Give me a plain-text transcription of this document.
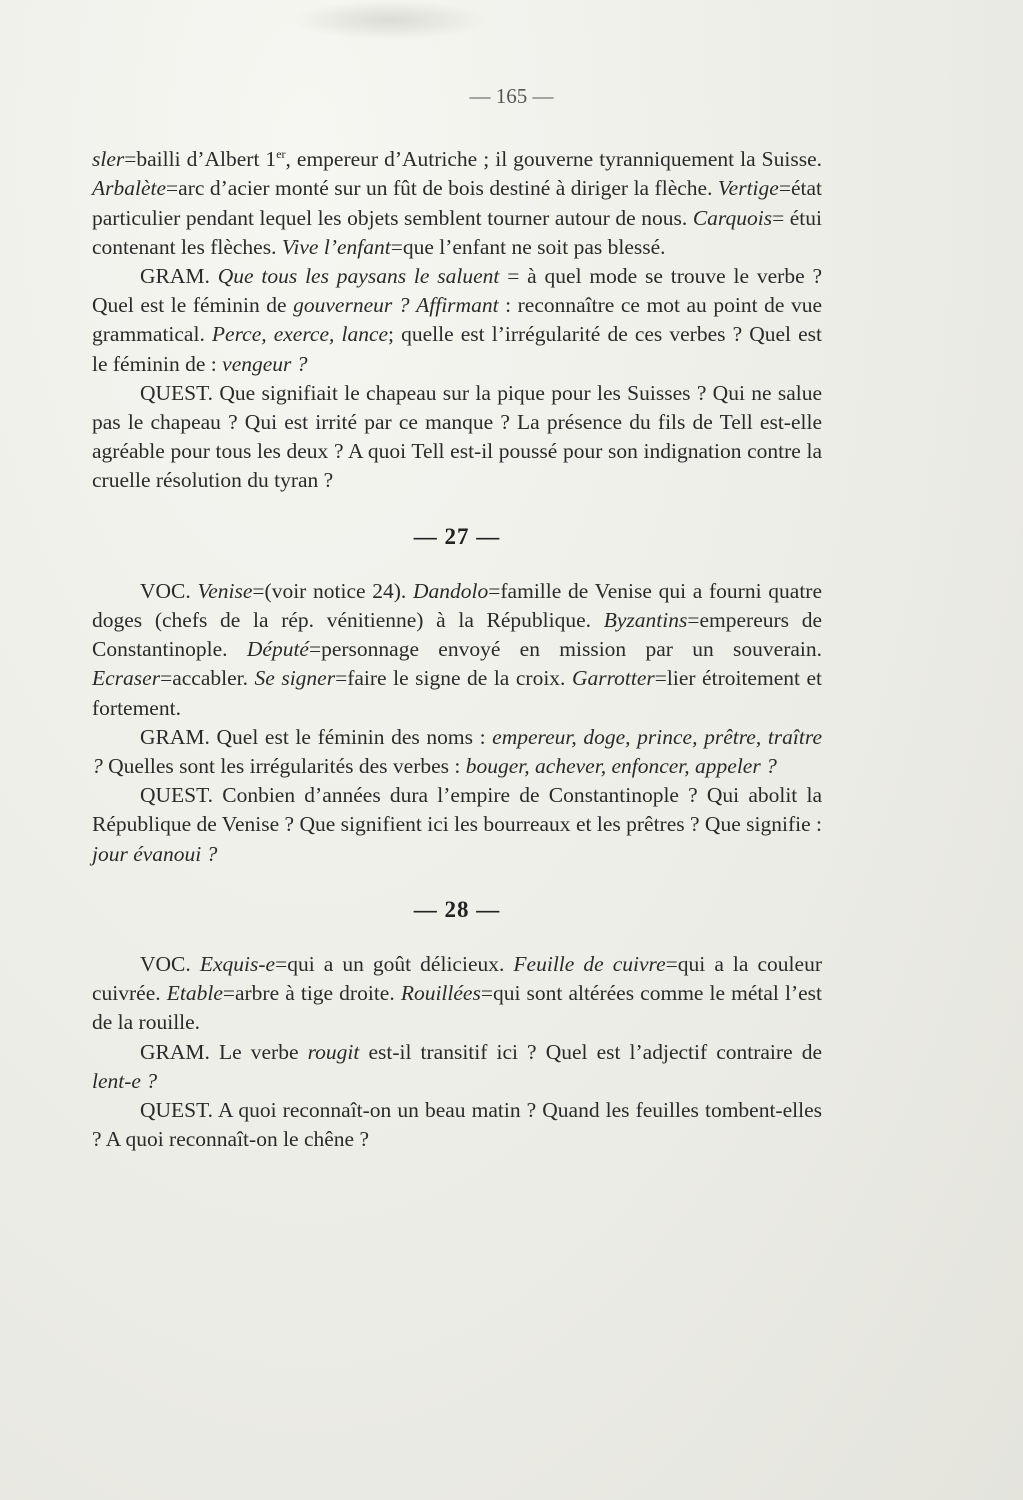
— 165 —

sler=bailli d’Albert 1er, empereur d’Autriche ; il gouverne tyranniquement la Suisse. Arbalète=arc d’acier monté sur un fût de bois destiné à diriger la flèche. Vertige=état particulier pendant lequel les objets semblent tourner autour de nous. Carquois= étui contenant les flèches. Vive l’enfant=que l’enfant ne soit pas blessé.

GRAM. Que tous les paysans le saluent = à quel mode se trouve le verbe ? Quel est le féminin de gouverneur ? Affirmant : reconnaître ce mot au point de vue grammatical. Perce, exerce, lance; quelle est l’irrégularité de ces verbes ? Quel est le féminin de : vengeur ?

QUEST. Que signifiait le chapeau sur la pique pour les Suisses ? Qui ne salue pas le chapeau ? Qui est irrité par ce manque ? La présence du fils de Tell est-elle agréable pour tous les deux ? A quoi Tell est-il poussé pour son indignation contre la cruelle résolution du tyran ?

— 27 —

VOC. Venise=(voir notice 24). Dandolo=famille de Venise qui a fourni quatre doges (chefs de la rép. vénitienne) à la République. Byzantins=empereurs de Constantinople. Député=personnage envoyé en mission par un souverain. Ecraser=accabler. Se signer=faire le signe de la croix. Garrotter=lier étroitement et fortement.

GRAM. Quel est le féminin des noms : empereur, doge, prince, prêtre, traître ? Quelles sont les irrégularités des verbes : bouger, achever, enfoncer, appeler ?

QUEST. Conbien d’années dura l’empire de Constantinople ? Qui abolit la République de Venise ? Que signifient ici les bourreaux et les prêtres ? Que signifie : jour évanoui ?

— 28 —

VOC. Exquis-e=qui a un goût délicieux. Feuille de cuivre=qui a la couleur cuivrée. Etable=arbre à tige droite. Rouillées=qui sont altérées comme le métal l’est de la rouille.

GRAM. Le verbe rougit est-il transitif ici ? Quel est l’adjectif contraire de lent-e ?

QUEST. A quoi reconnaît-on un beau matin ? Quand les feuilles tombent-elles ? A quoi reconnaît-on le chêne ?
